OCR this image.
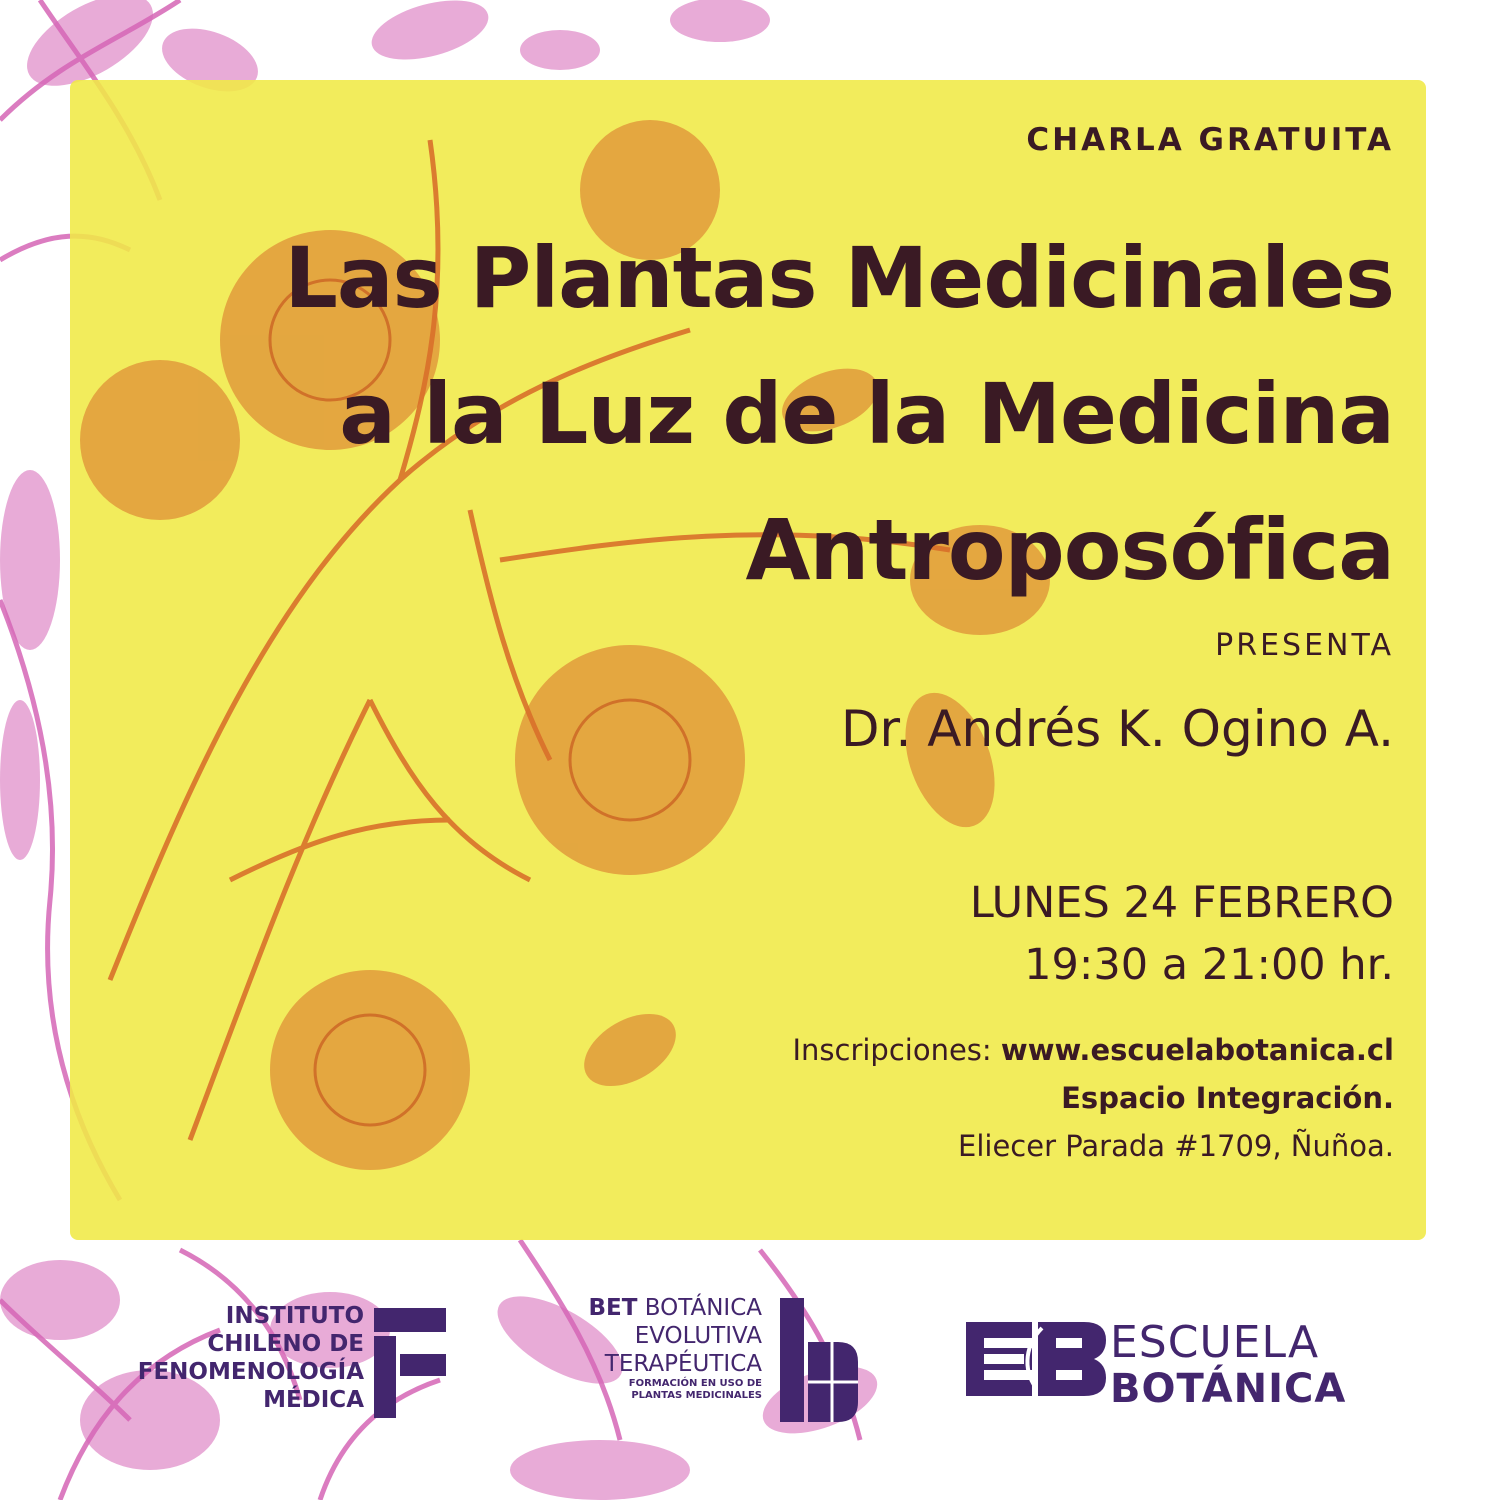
CHARLA GRATUITA
Las Plantas Medicinales
a la Luz de la Medicina
Antroposófica
PRESENTA
Dr. Andrés K. Ogino A.
LUNES 24 FEBRERO
19:30 a 21:00 hr.
Inscripciones: www.escuelabotanica.cl
Espacio Integración.
Eliecer Parada #1709, Ñuñoa.
INSTITUTO
CHILENO DE
FENOMENOLOGÍA
MÉDICA
BET BOTÁNICA
EVOLUTIVA
TERAPÉUTICA
FORMACIÓN EN USO DE
PLANTAS MEDICINALES
ESCUELA
BOTÁNICA
